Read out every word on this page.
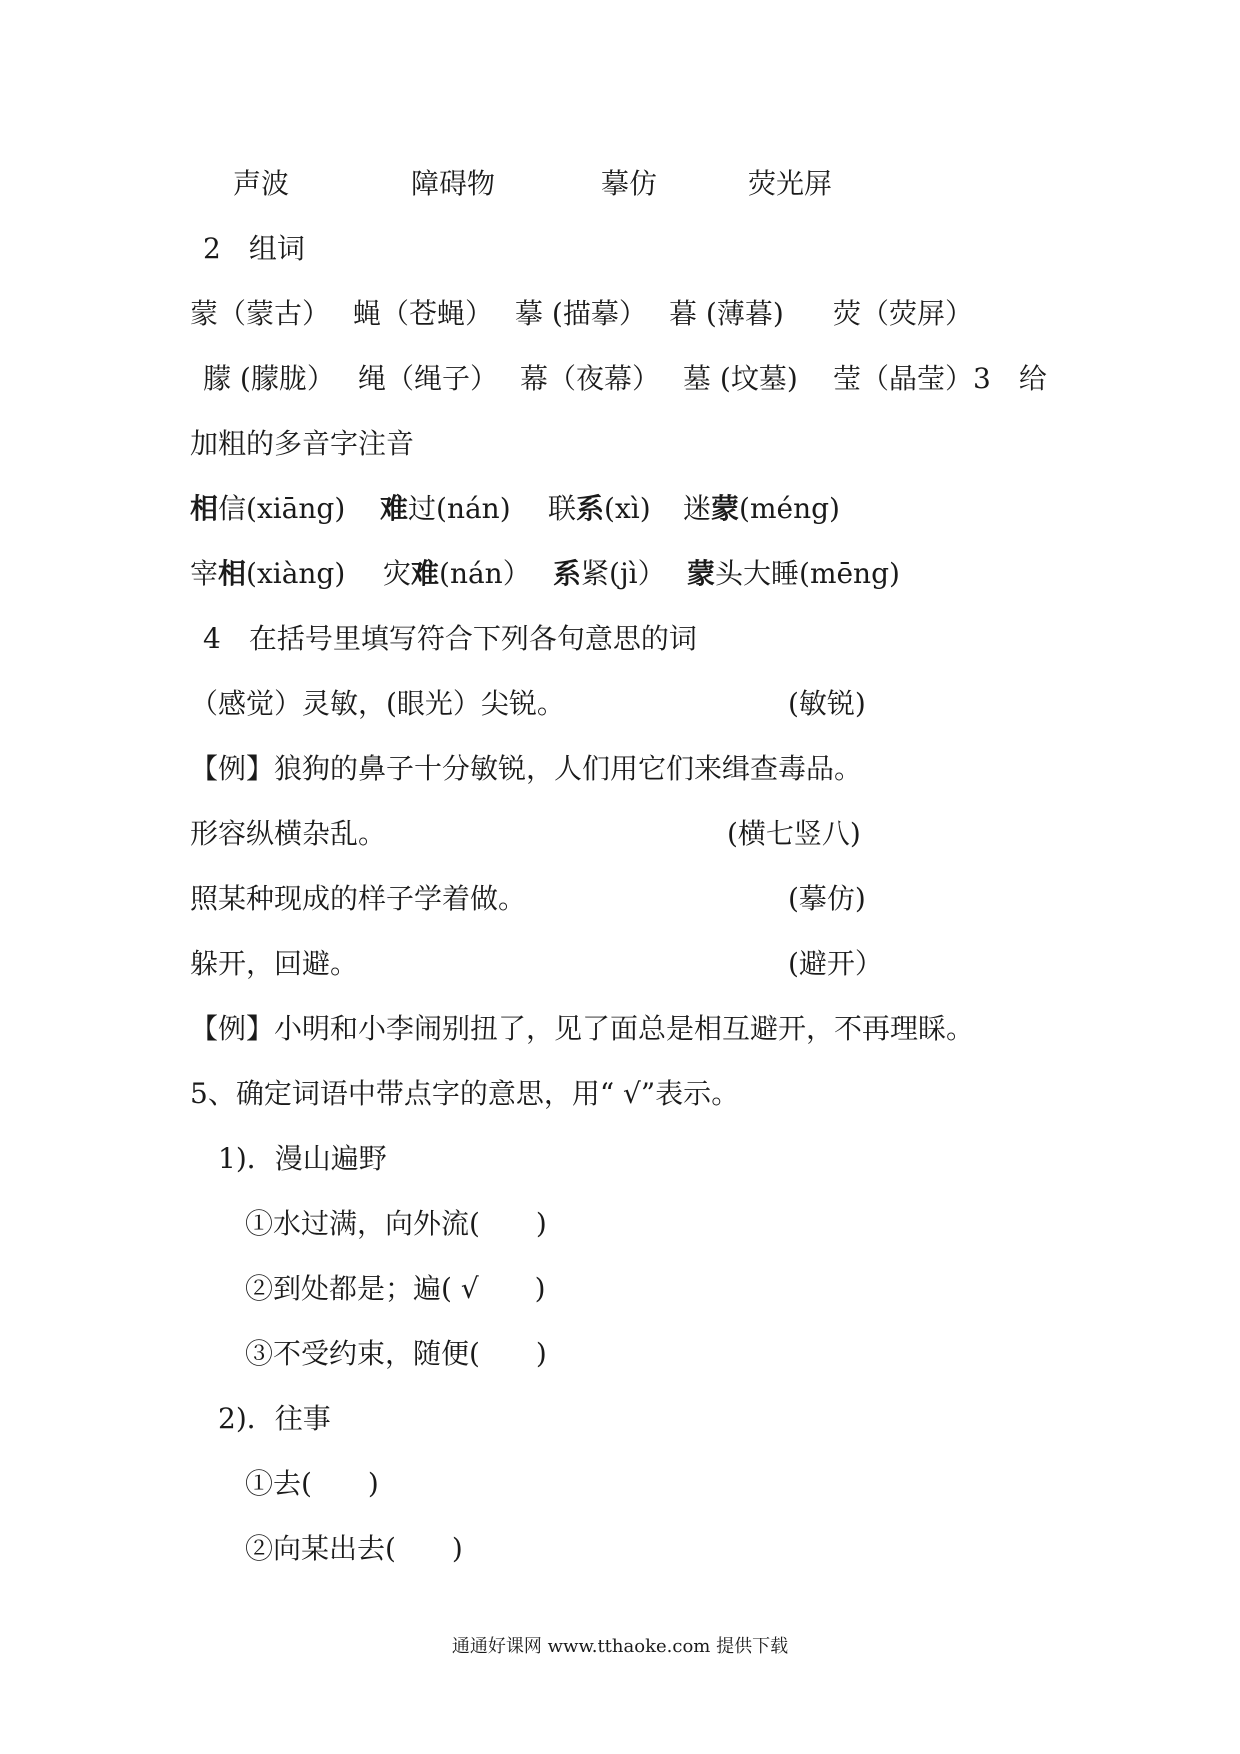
声波	障碍物	摹仿	荧光屏
2　组词
蒙（蒙古） 蝇（苍蝇） 摹 (描摹） 暮 (薄暮) 荧（荧屏）
朦 (朦胧） 绳（绳子） 幕（夜幕） 墓 (坟墓) 莹（晶莹）3　给
加粗的多音字注音
相信(xiāng) 难过(nán) 联系(xì) 迷蒙(méng)
宰相(xiàng) 灾难(nán） 系紧(jì） 蒙头大睡(mēng)
4　在括号里填写符合下列各句意思的词
（感觉）灵敏，(眼光）尖锐。	(敏锐)
【例】狼狗的鼻子十分敏锐，人们用它们来缉查毒品。
形容纵横杂乱。	(横七竖八)
照某种现成的样子学着做。	(摹仿)
躲开，回避。	(避开）
【例】小明和小李闹别扭了，见了面总是相互避开，不再理睬。
5、确定词语中带点字的意思，用“ √”表示。
1)．漫山遍野
①水过满，向外流(　　)
②到处都是；遍( √　　)
③不受约束，随便(　　)
2)．往事
①去(　　)
②向某出去(　　)
通通好课网 www.tthaoke.com 提供下载
